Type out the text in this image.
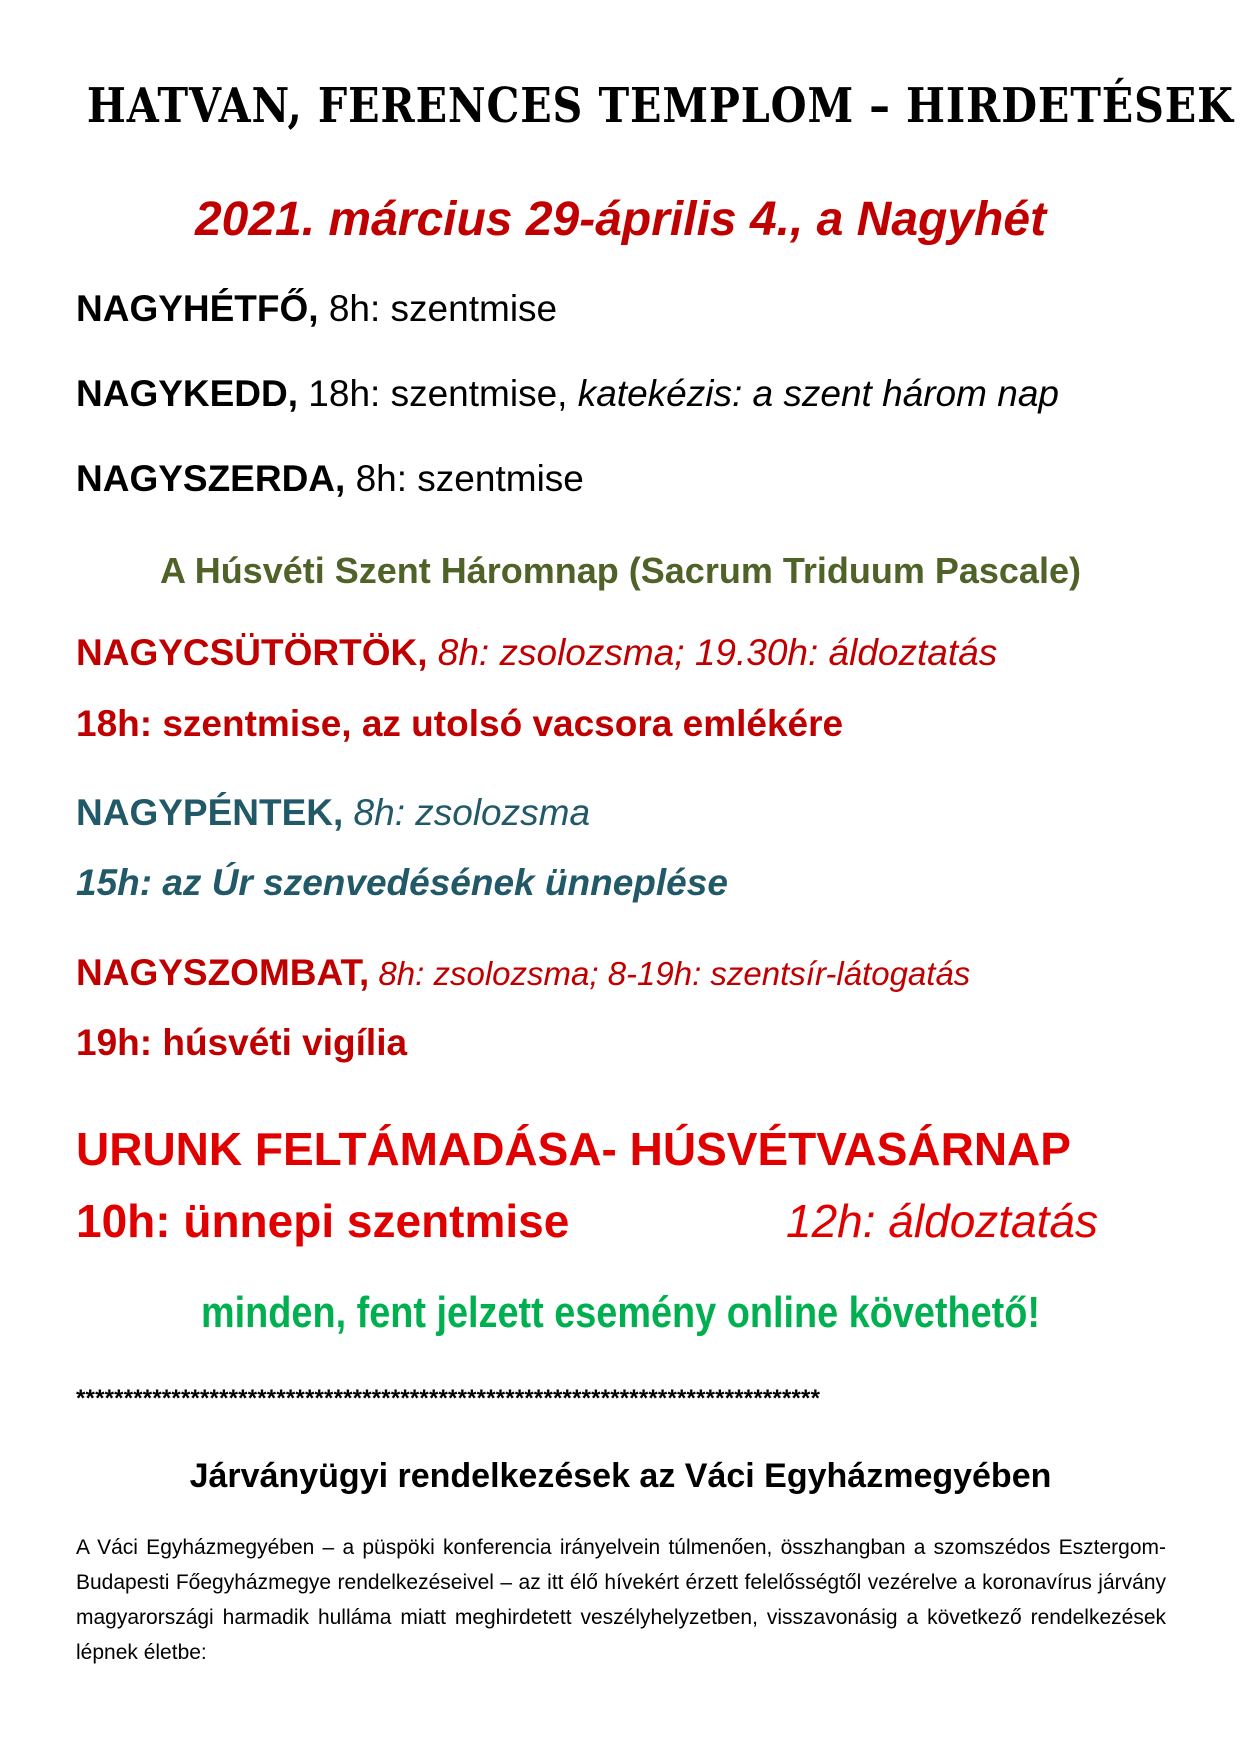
HATVAN, FERENCES TEMPLOM – HIRDETÉSEK
2021. március 29-április 4., a Nagyhét
NAGYHÉTFŐ, 8h: szentmise
NAGYKEDD, 18h: szentmise, katekézis: a szent három nap
NAGYSZERDA, 8h: szentmise
A Húsvéti Szent Háromnap (Sacrum Triduum Pascale)
NAGYCSÜTÖRTÖK, 8h: zsolozsma; 19.30h: áldoztatás
18h: szentmise, az utolsó vacsora emlékére
NAGYPÉNTEK, 8h: zsolozsma
15h: az Úr szenvedésének ünneplése
NAGYSZOMBAT, 8h: zsolozsma; 8-19h: szentsír-látogatás
19h: húsvéti vigília
URUNK FELTÁMADÁSA- HÚSVÉTVASÁRNAP
10h: ünnepi szentmise	12h: áldoztatás
minden, fent jelzett esemény online követhető!
******************************************************************************
Járványügyi rendelkezések az Váci Egyházmegyében

A Váci Egyházmegyében – a püspöki konferencia irányelvein túlmenően, összhangban a szomszédos Esztergom-Budapesti Főegyházmegye rendelkezéseivel – az itt élő hívekért érzett felelősségtől vezérelve a koronavírus járvány magyarországi harmadik hulláma miatt meghirdetett veszélyhelyzetben, visszavonásig a következő rendelkezések lépnek életbe:
